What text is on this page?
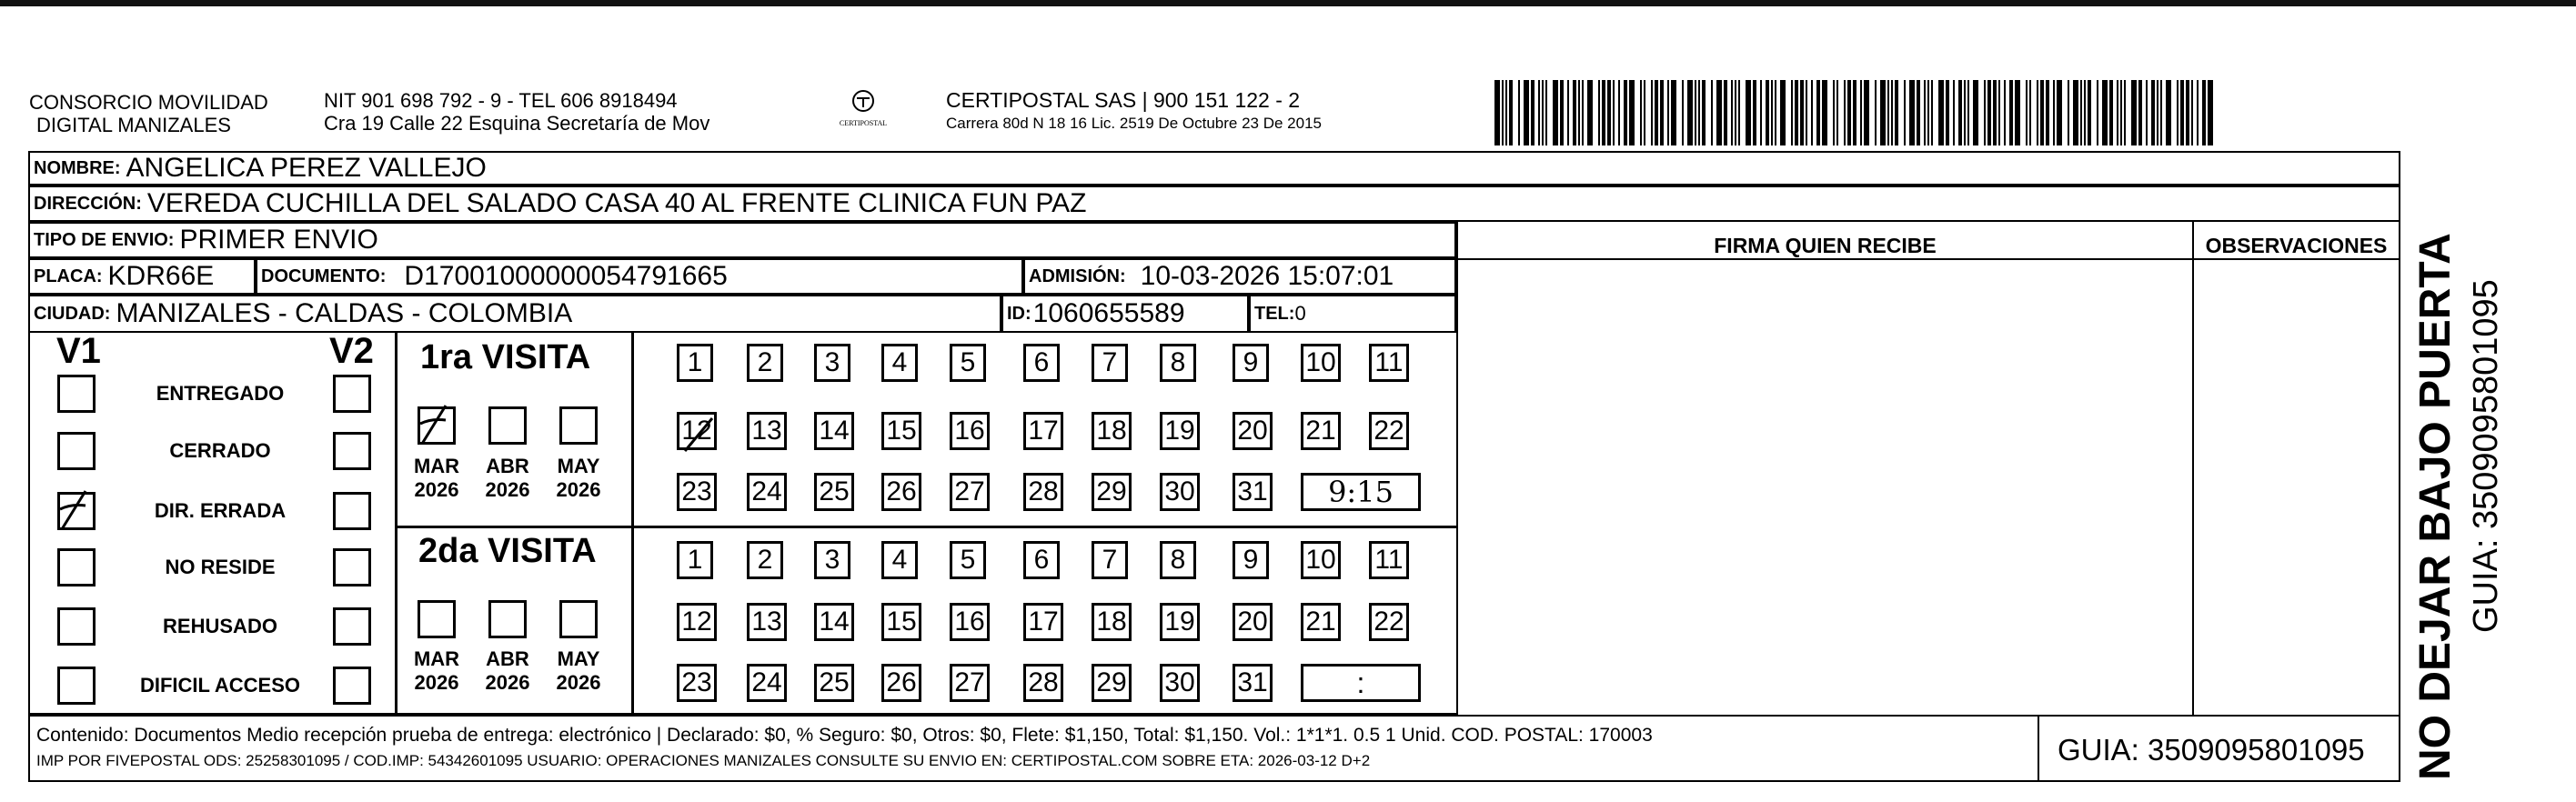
CONSORCIO MOVILIDAD
DIGITAL MANIZALES
NIT 901 698 792 - 9 - TEL 606 8918494
Cra 19 Calle 22 Esquina Secretaría de Mov	CERTIPOSTAL
CERTIPOSTAL SAS | 900 151 122 - 2
Carrera 80d N 18 16 Lic. 2519 De Octubre 23 De 2015
NOMBRE: ANGELICA PEREZ VALLEJO
DIRECCIÓN: VEREDA CUCHILLA DEL SALADO CASA 40 AL FRENTE CLINICA FUN PAZ
TIPO DE ENVIO: PRIMER ENVIO
PLACA: KDR66E	DOCUMENTO: D17001000000054791665	ADMISIÓN: 10-03-2026 15:07:01
CIUDAD: MANIZALES - CALDAS - COLOMBIA	ID: 1060655589	TEL: 0
FIRMA QUIEN RECIBE	OBSERVACIONES
V1	V2
ENTREGADO
CERRADO
DIR. ERRADA
NO RESIDE
REHUSADO
DIFICIL ACCESO
1ra VISITA
2da VISITA
1 2 3 4 5 6 7 8 9 10 11
12 13 14 15 16 17 18 19 20 21 22
23 24 25 26 27 28 29 30 31 9:15
1 2 3 4 5 6 7 8 9 10 11
12 13 14 15 16 17 18 19 20 21 22
23 24 25 26 27 28 29 30 31	:
MAR
2026
ABR
2026
MAY
2026
MAR
2026
ABR
2026
MAY
2026
Contenido: Documentos Medio recepción prueba de entrega: electrónico | Declarado: $0, % Seguro: $0, Otros: $0, Flete: $1,150, Total: $1,150. Vol.: 1*1*1. 0.5 1 Unid. COD. POSTAL: 170003
IMP POR FIVEPOSTAL ODS: 25258301095 / COD.IMP: 54342601095 USUARIO: OPERACIONES MANIZALES CONSULTE SU ENVIO EN: CERTIPOSTAL.COM SOBRE ETA: 2026-03-12 D+2	GUIA: 3509095801095 NO DEJAR BAJO PUERTA GUIA: 3509095801095
